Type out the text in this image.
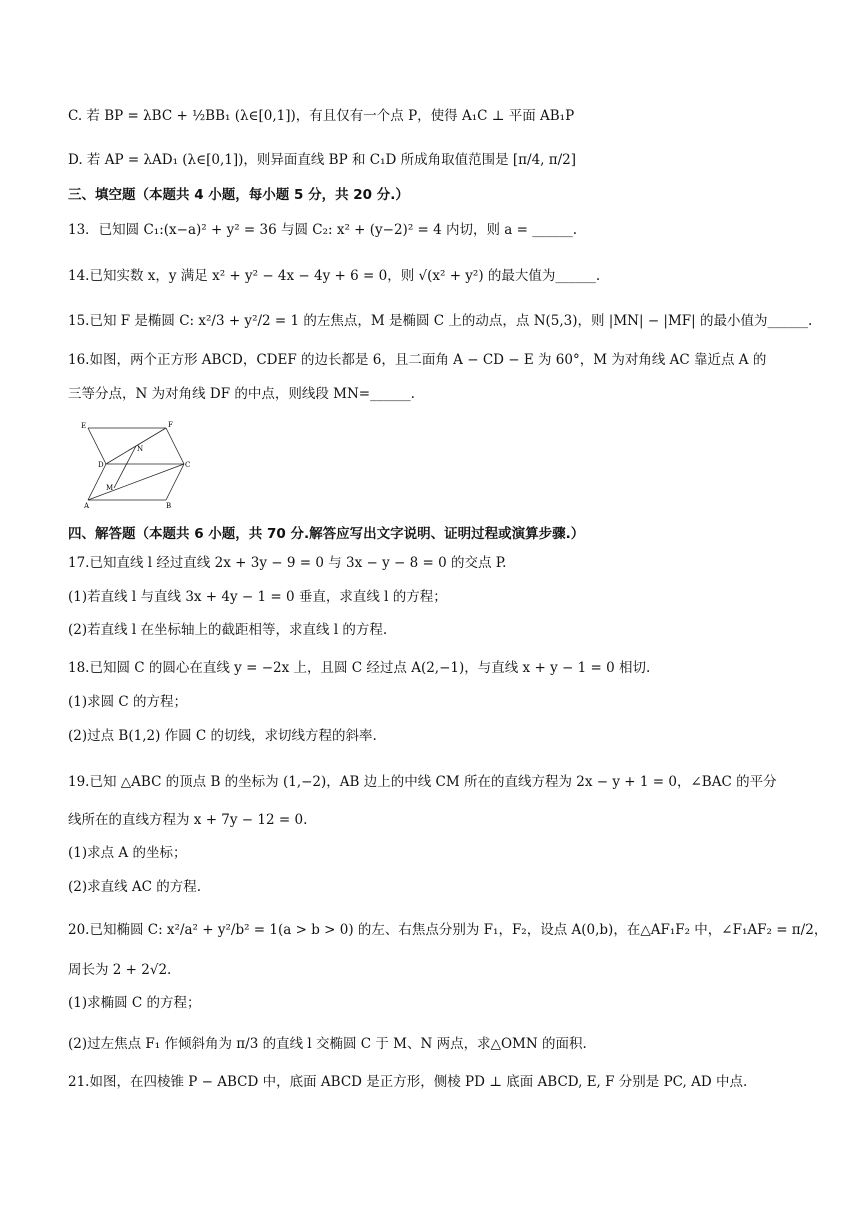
C. 若 BP = λBC + ½BB₁ (λ∈[0,1])，有且仅有一个点 P，使得 A₁C ⊥ 平面 AB₁P
D. 若 AP = λAD₁ (λ∈[0,1])，则异面直线 BP 和 C₁D 所成角取值范围是 [π/4, π/2]
三、填空题（本题共 4 小题，每小题 5 分，共 20 分.）
13．已知圆 C₁:(x−a)² + y² = 36 与圆 C₂: x² + (y−2)² = 4 内切，则 a = ______.
14.已知实数 x，y 满足 x² + y² − 4x − 4y + 6 = 0，则 √(x² + y²) 的最大值为______.
15.已知 F 是椭圆 C: x²/3 + y²/2 = 1 的左焦点，M 是椭圆 C 上的动点，点 N(5,3)，则 |MN| − |MF| 的最小值为______.
16.如图，两个正方形 ABCD，CDEF 的边长都是 6，且二面角 A − CD − E 为 60°，M 为对角线 AC 靠近点 A 的
三等分点，N 为对角线 DF 的中点，则线段 MN=______.
E	F
D	C
N
M
A	B
四、解答题（本题共 6 小题，共 70 分.解答应写出文字说明、证明过程或演算步骤.）
17.已知直线 l 经过直线 2x + 3y − 9 = 0 与 3x − y − 8 = 0 的交点 P.
(1)若直线 l 与直线 3x + 4y − 1 = 0 垂直，求直线 l 的方程；
(2)若直线 l 在坐标轴上的截距相等，求直线 l 的方程.
18.已知圆 C 的圆心在直线 y = −2x 上，且圆 C 经过点 A(2,−1)，与直线 x + y − 1 = 0 相切.
(1)求圆 C 的方程；
(2)过点 B(1,2) 作圆 C 的切线，求切线方程的斜率.
19.已知 △ABC 的顶点 B 的坐标为 (1,−2)，AB 边上的中线 CM 所在的直线方程为 2x − y + 1 = 0，∠BAC 的平分
线所在的直线方程为 x + 7y − 12 = 0.
(1)求点 A 的坐标；
(2)求直线 AC 的方程.
20.已知椭圆 C: x²/a² + y²/b² = 1(a > b > 0) 的左、右焦点分别为 F₁，F₂，设点 A(0,b)，在△AF₁F₂ 中，∠F₁AF₂ = π/2，
周长为 2 + 2√2.
(1)求椭圆 C 的方程；
(2)过左焦点 F₁ 作倾斜角为 π/3 的直线 l 交椭圆 C 于 M、N 两点，求△OMN 的面积.
21.如图，在四棱锥 P − ABCD 中，底面 ABCD 是正方形，侧棱 PD ⊥ 底面 ABCD, E, F 分别是 PC, AD 中点.
